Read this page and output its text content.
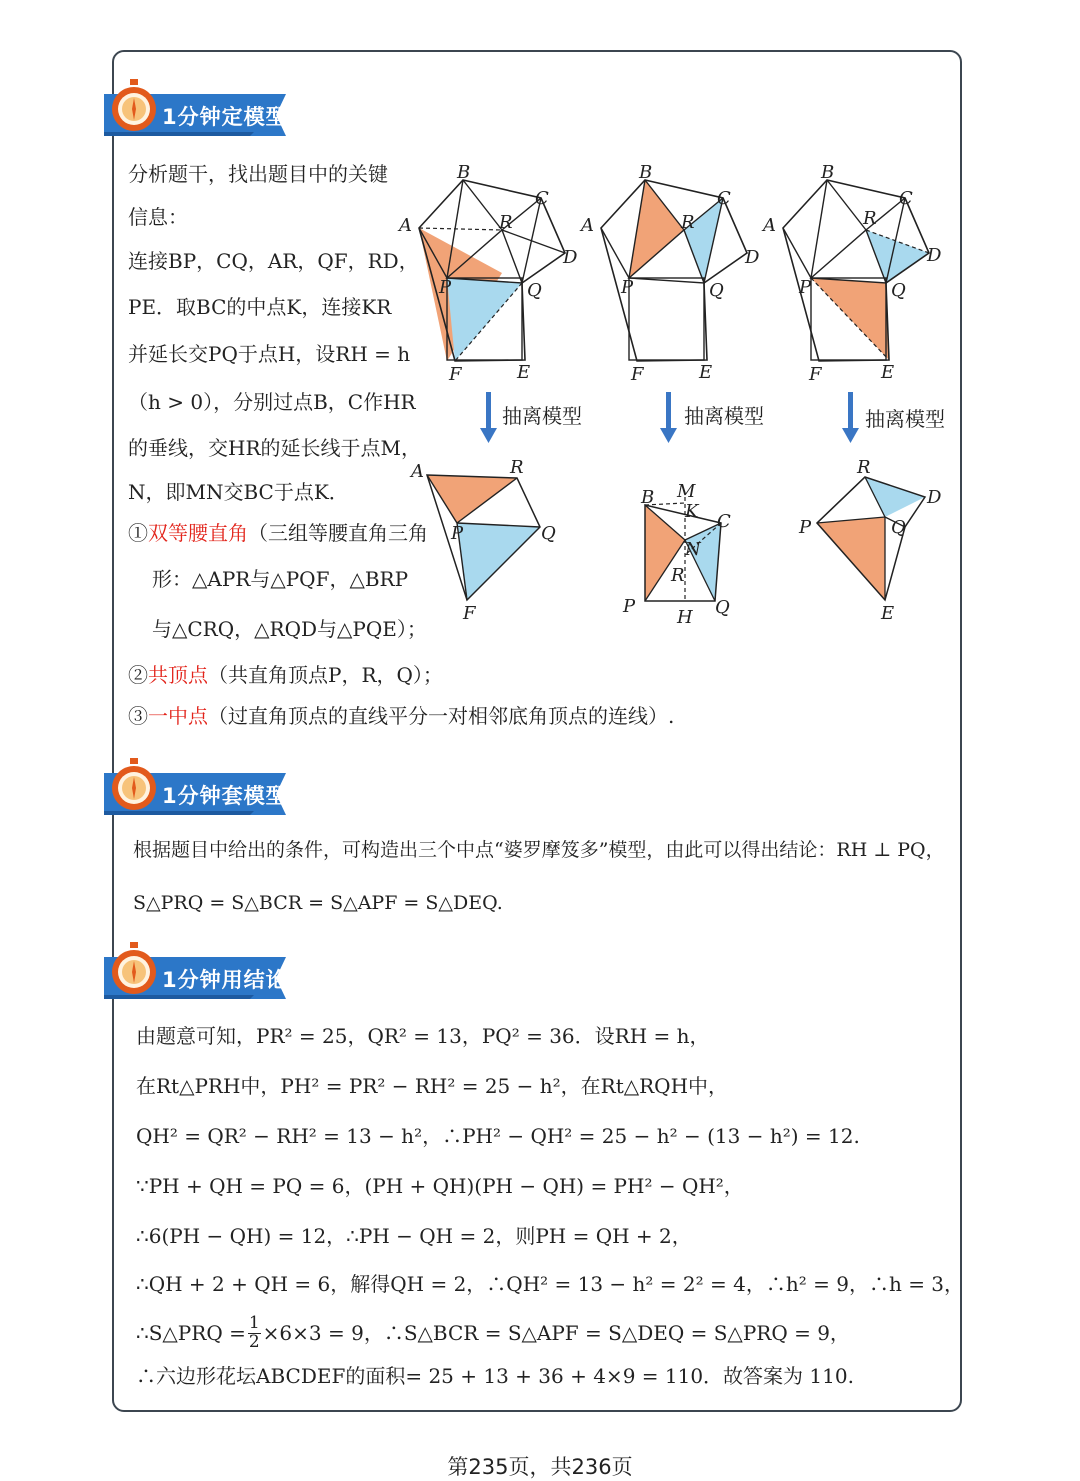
1分钟定模型
分析题干，找出题目中的关键
信息：
连接BP，CQ，AR，QF，RD，
PE．取BC的中点K，连接KR
并延长交PQ于点H，设RH = h
（h > 0），分别过点B，C作HR
的垂线，交HR的延长线于点M，
N，即MN交BC于点K．
①双等腰直角（三组等腰直角三角
形：△APR与△PQF，△BRP
与△CRQ，△RQD与△PQE）；
②共顶点（共直角顶点P，R，Q）；
③一中点（过直角顶点的直线平分一对相邻底角顶点的连线）.
B
C
A	R
D
P	Q
F	E
B
C
A	R
D
P	Q
F	E
B
C
A	R
D
P	Q
F	E
抽离模型	抽离模型	抽离模型
A	R
P	Q
F
B M
K C
N
R
P
H Q
R
D
P	Q
E
1分钟套模型
根据题目中给出的条件，可构造出三个中点“婆罗摩笈多”模型，由此可以得出结论：RH ⊥ PQ，
S△PRQ = S△BCR = S△APF = S△DEQ.
1分钟用结论
由题意可知，PR² = 25，QR² = 13，PQ² = 36．设RH = h，
在Rt△PRH中，PH² = PR² − RH² = 25 − h²，在Rt△RQH中，
QH² = QR² − RH² = 13 − h²，∴PH² − QH² = 25 − h² − (13 − h²) = 12.
∵PH + QH = PQ = 6，(PH + QH)(PH − QH) = PH² − QH²，
∴6(PH − QH) = 12，∴PH − QH = 2，则PH = QH + 2，
∴QH + 2 + QH = 6，解得QH = 2，∴QH² = 13 − h² = 2² = 4，∴h² = 9，∴h = 3，
∴S△PRQ = $\frac{1}{2} \times 6\times 3 = 9$，∴S△BCR = S△APF = S△DEQ = S△PRQ = 9，
∴六边形花坛ABCDEF的面积= 25 + 13 + 36 + 4×9 = 110．故答案为 110.
第235页，共236页
